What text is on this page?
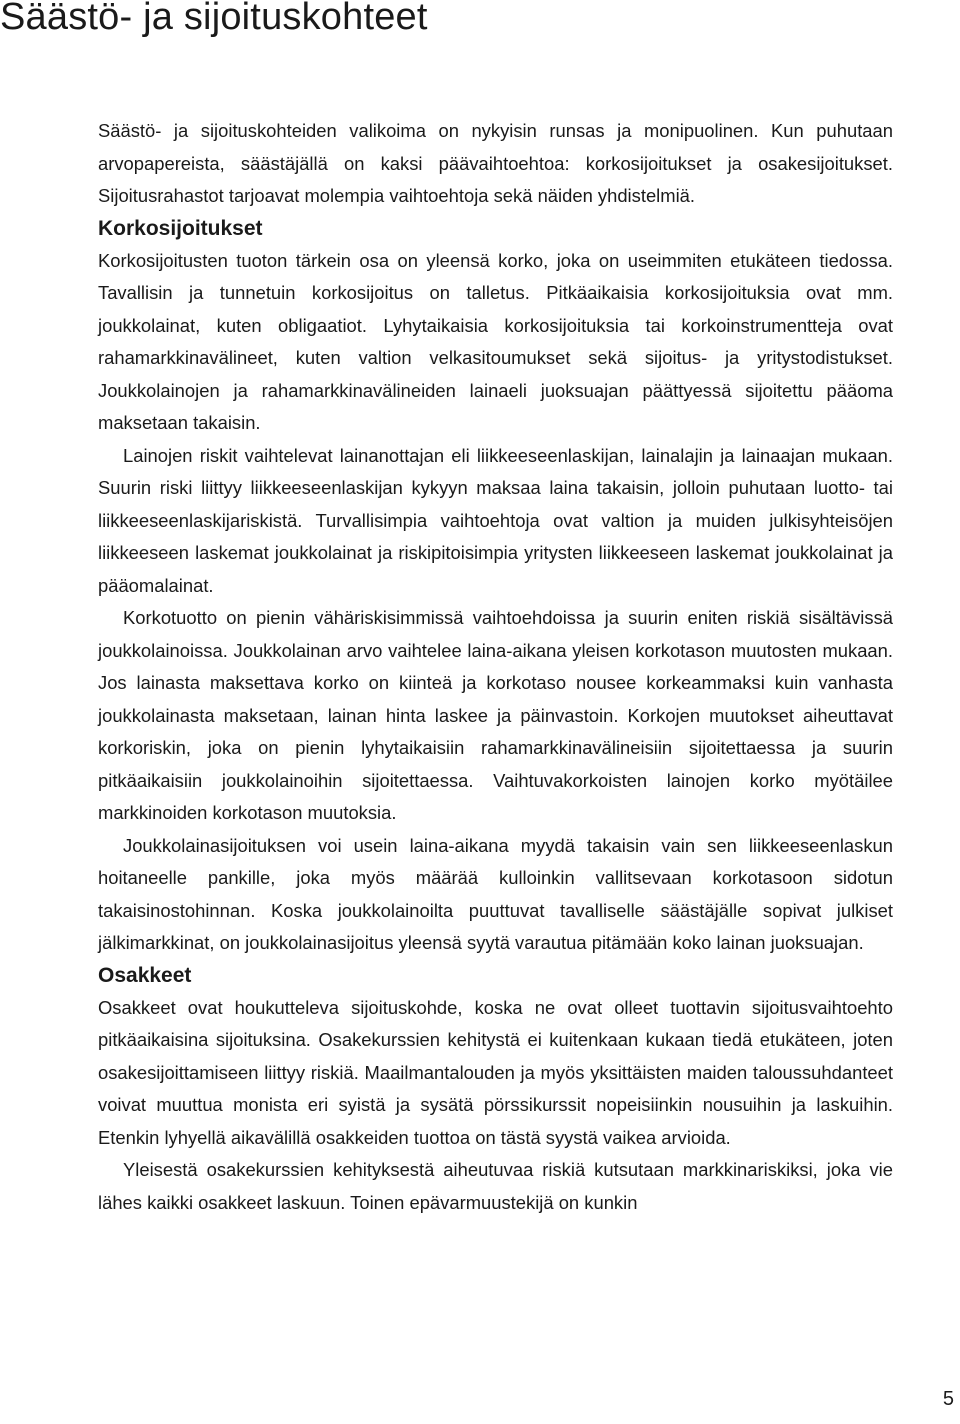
Säästö- ja sijoituskohteet

Säästö- ja sijoituskohteiden valikoima on nykyisin runsas ja monipuolinen. Kun puhutaan arvopapereista, säästäjällä on kaksi päävaihtoehtoa: korkosijoitukset ja osakesijoitukset. Sijoitusrahastot tarjoavat molempia vaihtoehtoja sekä näiden yhdistelmiä.

Korkosijoitukset

Korkosijoitusten tuoton tärkein osa on yleensä korko, joka on useimmiten etukäteen tiedossa. Tavallisin ja tunnetuin korkosijoitus on talletus. Pitkäaikaisia korkosijoituksia ovat mm. joukkolainat, kuten obligaatiot. Lyhytaikaisia korkosijoituksia tai korkoinstrumentteja ovat rahamarkkinavälineet, kuten valtion velkasitoumukset sekä sijoitus- ja yritystodistukset. Joukkolainojen ja rahamarkkinavälineiden lainaeli juoksuajan päättyessä sijoitettu pääoma maksetaan takaisin.

Lainojen riskit vaihtelevat lainanottajan eli liikkeeseenlaskijan, lainalajin ja lainaajan mukaan. Suurin riski liittyy liikkeeseenlaskijan kykyyn maksaa laina takaisin, jolloin puhutaan luotto- tai liikkeeseenlaskijariskistä. Turvallisimpia vaihtoehtoja ovat valtion ja muiden julkisyhteisöjen liikkeeseen laskemat joukkolainat ja riskipitoisimpia yritysten liikkeeseen laskemat joukkolainat ja pääomalainat.

Korkotuotto on pienin vähäriskisimmissä vaihtoehdoissa ja suurin eniten riskiä sisältävissä joukkolainoissa. Joukkolainan arvo vaihtelee laina-aikana yleisen korkotason muutosten mukaan. Jos lainasta maksettava korko on kiinteä ja korkotaso nousee korkeammaksi kuin vanhasta joukkolainasta maksetaan, lainan hinta laskee ja päinvastoin. Korkojen muutokset aiheuttavat korkoriskin, joka on pienin lyhytaikaisiin rahamarkkinavälineisiin sijoitettaessa ja suurin pitkäaikaisiin joukkolainoihin sijoitettaessa. Vaihtuvakorkoisten lainojen korko myötäilee markkinoiden korkotason muutoksia.

Joukkolainasijoituksen voi usein laina-aikana myydä takaisin vain sen liikkeeseenlaskun hoitaneelle pankille, joka myös määrää kulloinkin vallitsevaan korkotasoon sidotun takaisinostohinnan. Koska joukkolainoilta puuttuvat tavalliselle säästäjälle sopivat julkiset jälkimarkkinat, on joukkolainasijoitus yleensä syytä varautua pitämään koko lainan juoksuajan.

Osakkeet

Osakkeet ovat houkutteleva sijoituskohde, koska ne ovat olleet tuottavin sijoitusvaihtoehto pitkäaikaisina sijoituksina. Osakekurssien kehitystä ei kuitenkaan kukaan tiedä etukäteen, joten osakesijoittamiseen liittyy riskiä. Maailmantalouden ja myös yksittäisten maiden taloussuhdanteet voivat muuttua monista eri syistä ja sysätä pörssikurssit nopeisiinkin nousuihin ja laskuihin. Etenkin lyhyellä aikavälillä osakkeiden tuottoa on tästä syystä vaikea arvioida.

Yleisestä osakekurssien kehityksestä aiheutuvaa riskiä kutsutaan markkinariskiksi, joka vie lähes kaikki osakkeet laskuun. Toinen epävarmuustekijä on kunkin

5
